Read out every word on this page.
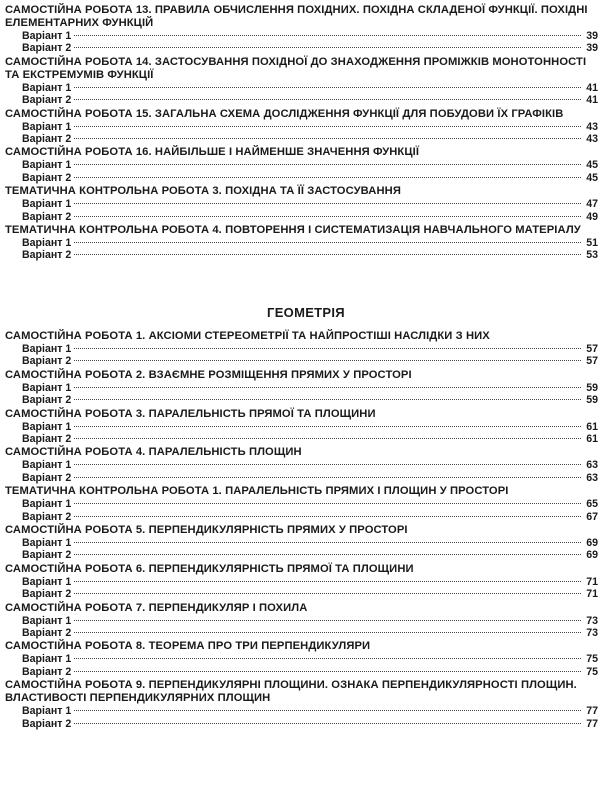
САМОСТІЙНА РОБОТА 13. ПРАВИЛА ОБЧИСЛЕННЯ ПОХІДНИХ. ПОХІДНА СКЛАДЕНОЇ ФУНКЦІЇ. ПОХІДНІ ЕЛЕМЕНТАРНИХ ФУНКЦІЙ
Варіант 1	39
Варіант 2	39
САМОСТІЙНА РОБОТА 14. ЗАСТОСУВАННЯ ПОХІДНОЇ ДО ЗНАХОДЖЕННЯ ПРОМІЖКІВ МОНОТОННОСТІ ТА ЕКСТРЕМУМІВ ФУНКЦІЇ
Варіант 1	41
Варіант 2	41
САМОСТІЙНА РОБОТА 15. ЗАГАЛЬНА СХЕМА ДОСЛІДЖЕННЯ ФУНКЦІЇ ДЛЯ ПОБУДОВИ ЇХ ГРАФІКІВ
Варіант 1	43
Варіант 2	43
САМОСТІЙНА РОБОТА 16. НАЙБІЛЬШЕ І НАЙМЕНШЕ ЗНАЧЕННЯ ФУНКЦІЇ
Варіант 1	45
Варіант 2	45
ТЕМАТИЧНА КОНТРОЛЬНА РОБОТА 3. ПОХІДНА ТА ЇЇ ЗАСТОСУВАННЯ
Варіант 1	47
Варіант 2	49
ТЕМАТИЧНА КОНТРОЛЬНА РОБОТА 4. ПОВТОРЕННЯ І СИСТЕМАТИЗАЦІЯ НАВЧАЛЬНОГО МАТЕРІАЛУ
Варіант 1	51
Варіант 2	53
ГЕОМЕТРІЯ
САМОСТІЙНА РОБОТА 1. АКСІОМИ СТЕРЕОМЕТРІЇ ТА НАЙПРОСТІШІ НАСЛІДКИ З НИХ
Варіант 1	57
Варіант 2	57
САМОСТІЙНА РОБОТА 2. ВЗАЄМНЕ РОЗМІЩЕННЯ ПРЯМИХ У ПРОСТОРІ
Варіант 1	59
Варіант 2	59
САМОСТІЙНА РОБОТА 3. ПАРАЛЕЛЬНІСТЬ ПРЯМОЇ ТА ПЛОЩИНИ
Варіант 1	61
Варіант 2	61
САМОСТІЙНА РОБОТА 4. ПАРАЛЕЛЬНІСТЬ ПЛОЩИН
Варіант 1	63
Варіант 2	63
ТЕМАТИЧНА КОНТРОЛЬНА РОБОТА 1. ПАРАЛЕЛЬНІСТЬ ПРЯМИХ І ПЛОЩИН У ПРОСТОРІ
Варіант 1	65
Варіант 2	67
САМОСТІЙНА РОБОТА 5. ПЕРПЕНДИКУЛЯРНІСТЬ ПРЯМИХ У ПРОСТОРІ
Варіант 1	69
Варіант 2	69
САМОСТІЙНА РОБОТА 6. ПЕРПЕНДИКУЛЯРНІСТЬ ПРЯМОЇ ТА ПЛОЩИНИ
Варіант 1	71
Варіант 2	71
САМОСТІЙНА РОБОТА 7. ПЕРПЕНДИКУЛЯР І ПОХИЛА
Варіант 1	73
Варіант 2	73
САМОСТІЙНА РОБОТА 8. ТЕОРЕМА ПРО ТРИ ПЕРПЕНДИКУЛЯРИ
Варіант 1	75
Варіант 2	75
САМОСТІЙНА РОБОТА 9. ПЕРПЕНДИКУЛЯРНІ ПЛОЩИНИ. ОЗНАКА ПЕРПЕНДИКУЛЯРНОСТІ ПЛОЩИН. ВЛАСТИВОСТІ ПЕРПЕНДИКУЛЯРНИХ ПЛОЩИН
Варіант 1	77
Варіант 2	77
